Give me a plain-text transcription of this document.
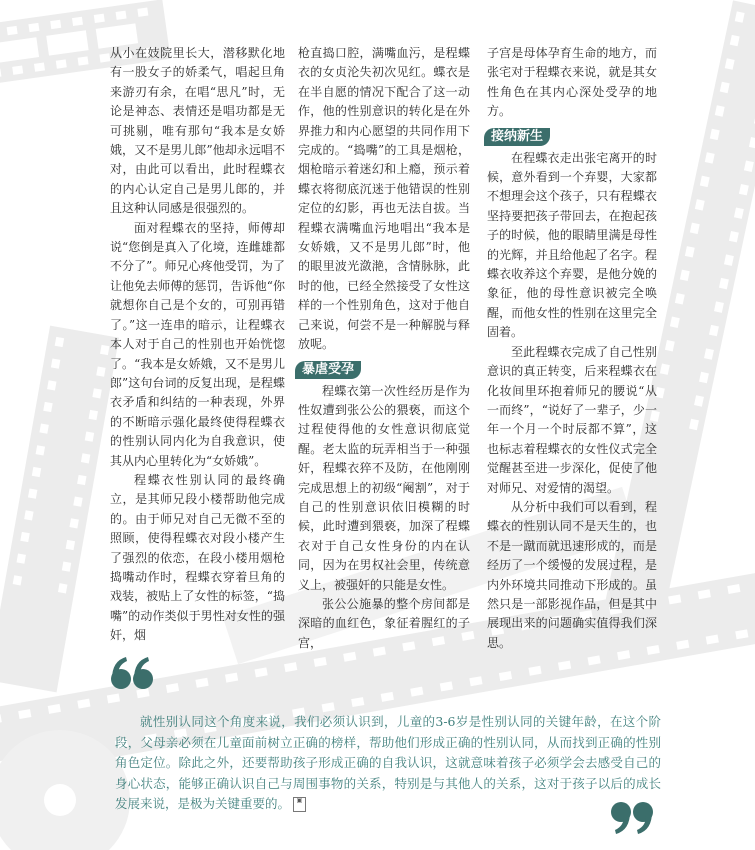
从小在妓院里长大，潜移默化地有一股女子的娇柔气，唱起旦角来游刃有余，在唱“思凡”时，无论是神态、表情还是唱功都是无可挑剔，唯有那句“我本是女娇娥，又不是男儿郎”他却永远唱不对，由此可以看出，此时程蝶衣的内心认定自己是男儿郎的，并且这种认同感是很强烈的。

面对程蝶衣的坚持，师傅却说“您倒是真入了化境，连雌雄都不分了”。师兄心疼他受罚，为了让他免去师傅的惩罚，告诉他“你就想你自己是个女的，可别再错了。”这一连串的暗示，让程蝶衣本人对于自己的性别也开始恍惚了。“我本是女娇娥，又不是男儿郎”这句台词的反复出现，是程蝶衣矛盾和纠结的一种表现，外界的不断暗示强化最终使得程蝶衣的性别认同内化为自我意识，使其从内心里转化为“女娇娥”。

程蝶衣性别认同的最终确立，是其师兄段小楼帮助他完成的。由于师兄对自己无微不至的照顾，使得程蝶衣对段小楼产生了强烈的依恋，在段小楼用烟枪捣嘴动作时，程蝶衣穿着旦角的戏装，被贴上了女性的标签，“捣嘴”的动作类似于男性对女性的强奸，烟

枪直捣口腔，满嘴血污，是程蝶衣的女贞沦失初次见红。蝶衣是在半自愿的情况下配合了这一动作，他的性别意识的转化是在外界推力和内心愿望的共同作用下完成的。“捣嘴”的工具是烟枪，烟枪暗示着迷幻和上瘾，预示着蝶衣将彻底沉迷于他错误的性别定位的幻影，再也无法自拔。当程蝶衣满嘴血污地唱出“我本是女娇娥，又不是男儿郎”时，他的眼里波光潋滟，含情脉脉，此时的他，已经全然接受了女性这样的一个性别角色，这对于他自己来说，何尝不是一种解脱与释放呢。

暴虐受孕

程蝶衣第一次性经历是作为性奴遭到张公公的猥亵，而这个过程使得他的女性意识彻底觉醒。老太监的玩弄相当于一种强奸，程蝶衣猝不及防，在他刚刚完成思想上的初级“阉割”，对于自己的性别意识依旧模糊的时候，此时遭到猥亵，加深了程蝶衣对于自己女性身份的内在认同，因为在男权社会里，传统意义上，被强奸的只能是女性。

张公公施暴的整个房间都是深暗的血红色，象征着腥红的子宫，

子宫是母体孕育生命的地方，而张宅对于程蝶衣来说，就是其女性角色在其内心深处受孕的地方。

接纳新生

在程蝶衣走出张宅离开的时候，意外看到一个弃婴，大家都不想理会这个孩子，只有程蝶衣坚持要把孩子带回去，在抱起孩子的时候，他的眼睛里满是母性的光辉，并且给他起了名字。程蝶衣收养这个弃婴，是他分娩的象征，他的母性意识被完全唤醒，而他女性的性别在这里完全固着。

至此程蝶衣完成了自己性别意识的真正转变，后来程蝶衣在化妆间里环抱着师兄的腰说“从一而终”，“说好了一辈子，少一年一个月一个时辰都不算”，这也标志着程蝶衣的女性仪式完全觉醒甚至进一步深化，促使了他对师兄、对爱情的渴望。

从分析中我们可以看到，程蝶衣的性别认同不是天生的，也不是一蹴而就迅速形成的，而是经历了一个缓慢的发展过程，是内外环境共同推动下形成的。虽然只是一部影视作品，但是其中展现出来的问题确实值得我们深思。

就性别认同这个角度来说，我们必须认识到，儿童的3-6岁是性别认同的关键年龄，在这个阶段，父母亲必须在儿童面前树立正确的榜样，帮助他们形成正确的性别认同，从而找到正确的性别角色定位。除此之外，还要帮助孩子形成正确的自我认识，这就意味着孩子必须学会去感受自己的身心状态，能够正确认识自己与周围事物的关系，特别是与其他人的关系，这对于孩子以后的成长发展来说，是极为关键重要的。 ▣
